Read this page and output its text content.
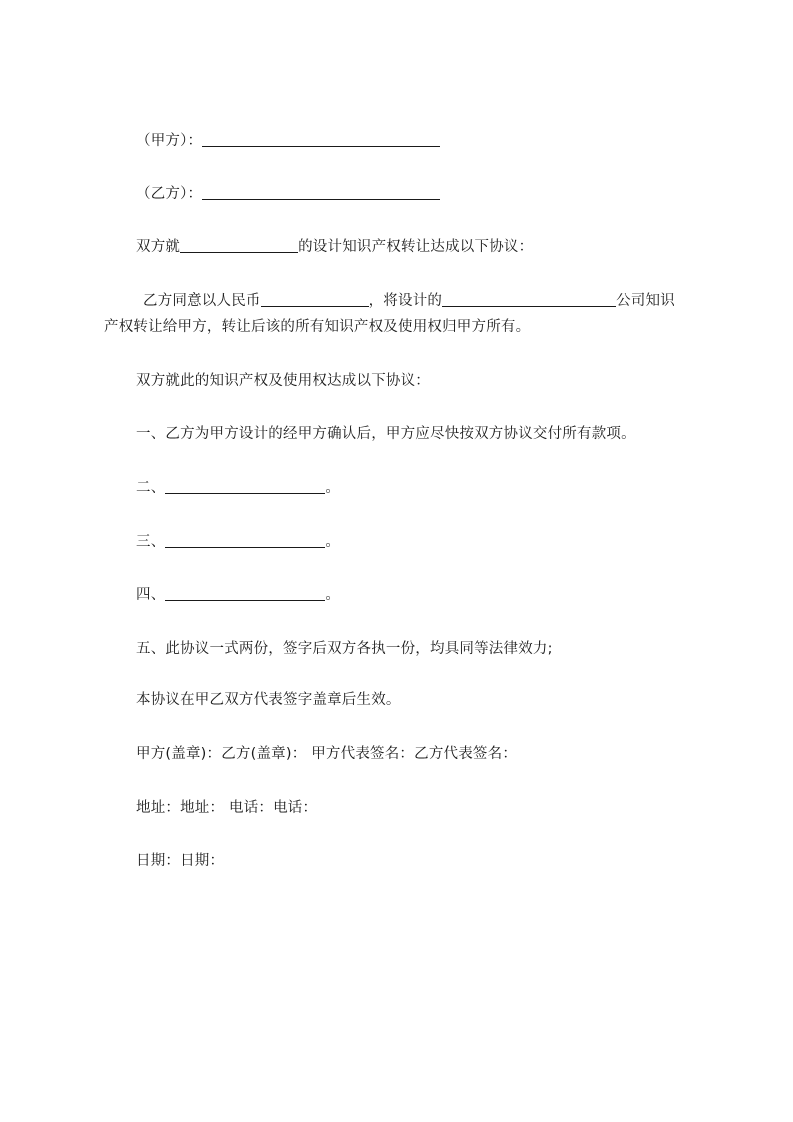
（甲方）：
（乙方）：
双方就	的设计知识产权转让达成以下协议：
乙方同意以人民币	，将设计的	公司知识
产权转让给甲方，转让后该的所有知识产权及使用权归甲方所有。
双方就此的知识产权及使用权达成以下协议：
一、乙方为甲方设计的经甲方确认后，甲方应尽快按双方协议交付所有款项。
二、	。
三、	。
四、	。
五、此协议一式两份，签字后双方各执一份，均具同等法律效力;
本协议在甲乙双方代表签字盖章后生效。
甲方(盖章)：乙方(盖章)： 甲方代表签名：乙方代表签名：
地址：地址： 电话：电话：
日期：日期：
